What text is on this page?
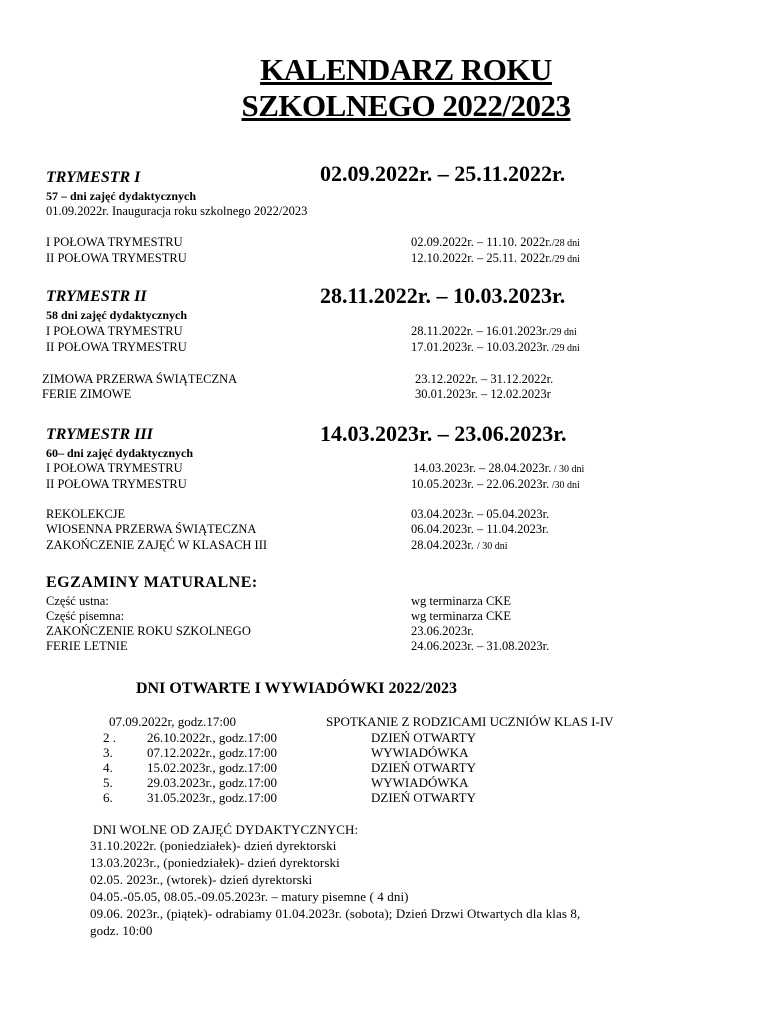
KALENDARZ ROKU
SZKOLNEGO 2022/2023
TRYMESTR I	02.09.2022r. – 25.11.2022r.
57 – dni zajęć dydaktycznych
01.09.2022r. Inauguracja roku szkolnego 2022/2023
I POŁOWA TRYMESTRU	02.09.2022r. – 11.10. 2022r./28 dni
II POŁOWA TRYMESTRU	12.10.2022r. – 25.11. 2022r./29 dni
TRYMESTR II	28.11.2022r. – 10.03.2023r.
58 dni zajęć dydaktycznych
I POŁOWA TRYMESTRU	28.11.2022r. – 16.01.2023r./29 dni
II POŁOWA TRYMESTRU	17.01.2023r. – 10.03.2023r. /29 dni
ZIMOWA PRZERWA ŚWIĄTECZNA	23.12.2022r. – 31.12.2022r.
FERIE ZIMOWE	30.01.2023r. – 12.02.2023r
TRYMESTR III	14.03.2023r. – 23.06.2023r.
60– dni zajęć dydaktycznych
I POŁOWA TRYMESTRU	14.03.2023r. – 28.04.2023r. / 30 dni
II POŁOWA TRYMESTRU	10.05.2023r. – 22.06.2023r. /30 dni
REKOLEKCJE	03.04.2023r. – 05.04.2023r.
WIOSENNA PRZERWA ŚWIĄTECZNA	06.04.2023r. – 11.04.2023r.
ZAKOŃCZENIE ZAJĘĆ W KLASACH III	28.04.2023r. / 30 dni
EGZAMINY MATURALNE:
Część ustna:	wg terminarza CKE
Część pisemna:	wg terminarza CKE
ZAKOŃCZENIE ROKU SZKOLNEGO	23.06.2023r.
FERIE LETNIE	24.06.2023r. – 31.08.2023r.
DNI OTWARTE I WYWIADÓWKI 2022/2023
07.09.2022r, godz.17:00	SPOTKANIE Z RODZICAMI UCZNIÓW KLAS I-IV
2 . 26.10.2022r., godz.17:00	DZIEŃ OTWARTY
3.	07.12.2022r., godz.17:00	WYWIADÓWKA
4.	15.02.2023r., godz.17:00	DZIEŃ OTWARTY
5.	29.03.2023r., godz.17:00	WYWIADÓWKA
6.	31.05.2023r., godz.17:00	DZIEŃ OTWARTY
DNI WOLNE OD ZAJĘĆ DYDAKTYCZNYCH:
31.10.2022r. (poniedziałek)- dzień dyrektorski
13.03.2023r., (poniedziałek)- dzień dyrektorski
02.05. 2023r., (wtorek)- dzień dyrektorski
04.05.-05.05, 08.05.-09.05.2023r. – matury pisemne ( 4 dni)
09.06. 2023r., (piątek)- odrabiamy 01.04.2023r. (sobota); Dzień Drzwi Otwartych dla klas 8,
godz. 10:00
